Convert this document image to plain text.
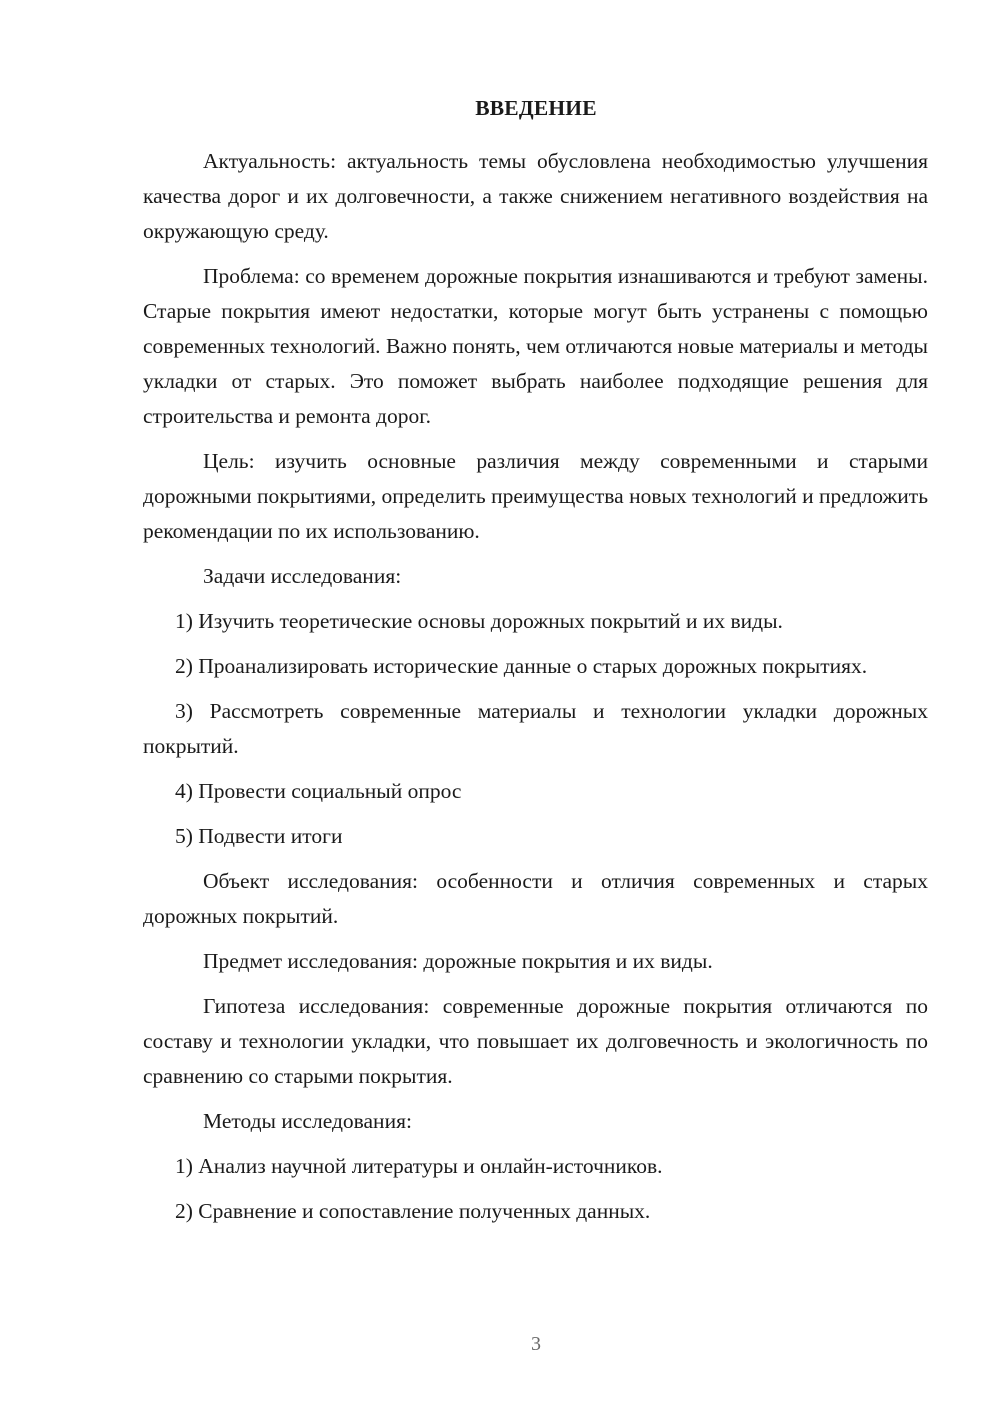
ВВЕДЕНИЕ

Актуальность: актуальность темы обусловлена необходимостью улучшения качества дорог и их долговечности, а также снижением негативного воздействия на окружающую среду.

Проблема: со временем дорожные покрытия изнашиваются и требуют замены. Старые покрытия имеют недостатки, которые могут быть устранены с помощью современных технологий. Важно понять, чем отличаются новые материалы и методы укладки от старых. Это поможет выбрать наиболее подходящие решения для строительства и ремонта дорог.

Цель: изучить основные различия между современными и старыми дорожными покрытиями, определить преимущества новых технологий и предложить рекомендации по их использованию.

Задачи исследования:

1) Изучить теоретические основы дорожных покрытий и их виды.

2) Проанализировать исторические данные о старых дорожных покрытиях.

3) Рассмотреть современные материалы и технологии укладки дорожных покрытий.

4) Провести социальный опрос

5) Подвести итоги

Объект исследования: особенности и отличия современных и старых дорожных покрытий.

Предмет исследования: дорожные покрытия и их виды.

Гипотеза исследования: современные дорожные покрытия отличаются по составу и технологии укладки, что повышает их долговечность и экологичность по сравнению со старыми покрытия.

Методы исследования:

1) Анализ научной литературы и онлайн-источников.

2) Сравнение и сопоставление полученных данных.

3
